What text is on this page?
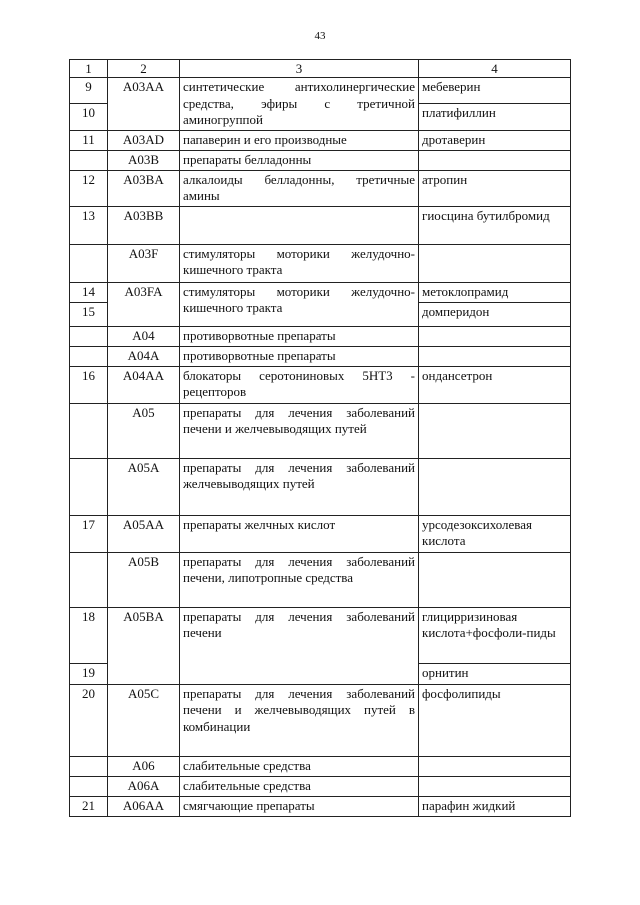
43
1	2	3	4
9	A03AA	синтетические антихолинергические средства, эфиры с третичной аминогруппой	мебеверин
10			платифиллин
11	A03AD	папаверин и его производные	дротаверин
	A03B	препараты белладонны	
12	A03BA	алкалоиды белладонны, третичные амины	атропин
13	A03BB		гиосцина бутилбромид
	A03F	стимуляторы моторики желудочно-кишечного тракта	
14	A03FA	стимуляторы моторики желудочно-кишечного тракта	метоклопрамид
15			домперидон
	A04	противорвотные препараты	
	A04A	противорвотные препараты	
16	A04AA	блокаторы серотониновых 5НТ3 - рецепторов	ондансетрон
	A05	препараты для лечения заболеваний печени и желчевыводящих путей	
	A05A	препараты для лечения заболеваний желчевыводящих путей	
17	A05AA	препараты желчных кислот	урсодезоксихолевая кислота
	A05B	препараты для лечения заболеваний печени, липотропные средства	
18	A05BA	препараты для лечения заболеваний печени	глицирризиновая кислота+фосфоли-пиды
19			орнитин
20	A05C	препараты для лечения заболеваний печени и желчевыводящих путей в комбинации	фосфолипиды
	A06	слабительные средства	
	A06A	слабительные средства	
21	A06AA	смягчающие препараты	парафин жидкий
